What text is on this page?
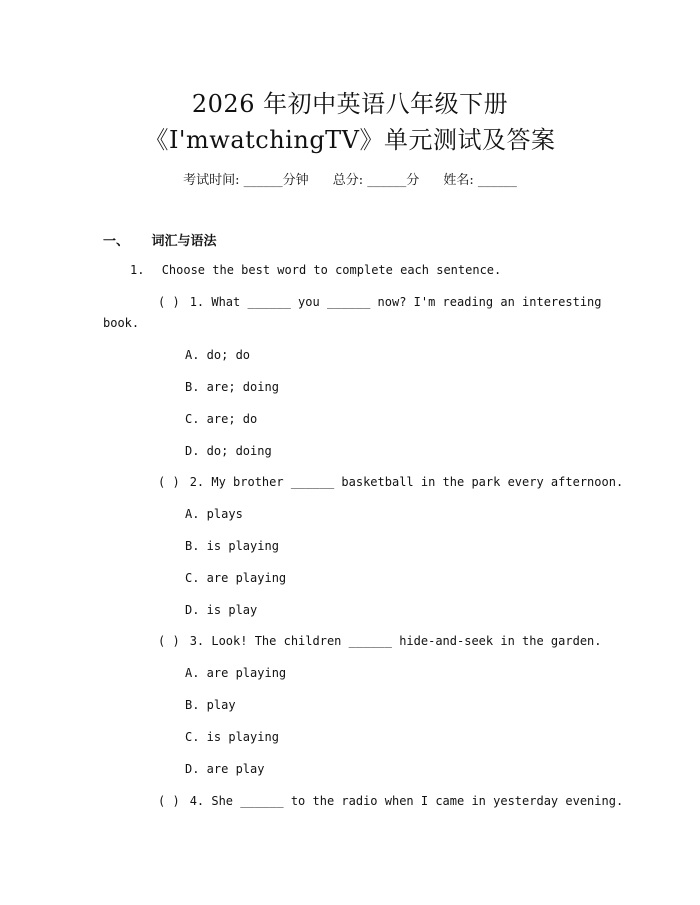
2026 年初中英语八年级下册
《I'mwatchingTV》单元测试及答案
考试时间: ______分钟 总分: ______分 姓名: ______
一、 词汇与语法
1. Choose the best word to complete each sentence.
( ) 1. What ______ you ______ now? I'm reading an interesting
book.
A. do; do
B. are; doing
C. are; do
D. do; doing
( ) 2. My brother ______ basketball in the park every afternoon.
A. plays
B. is playing
C. are playing
D. is play
( ) 3. Look! The children ______ hide-and-seek in the garden.
A. are playing
B. play
C. is playing
D. are play
( ) 4. She ______ to the radio when I came in yesterday evening.
